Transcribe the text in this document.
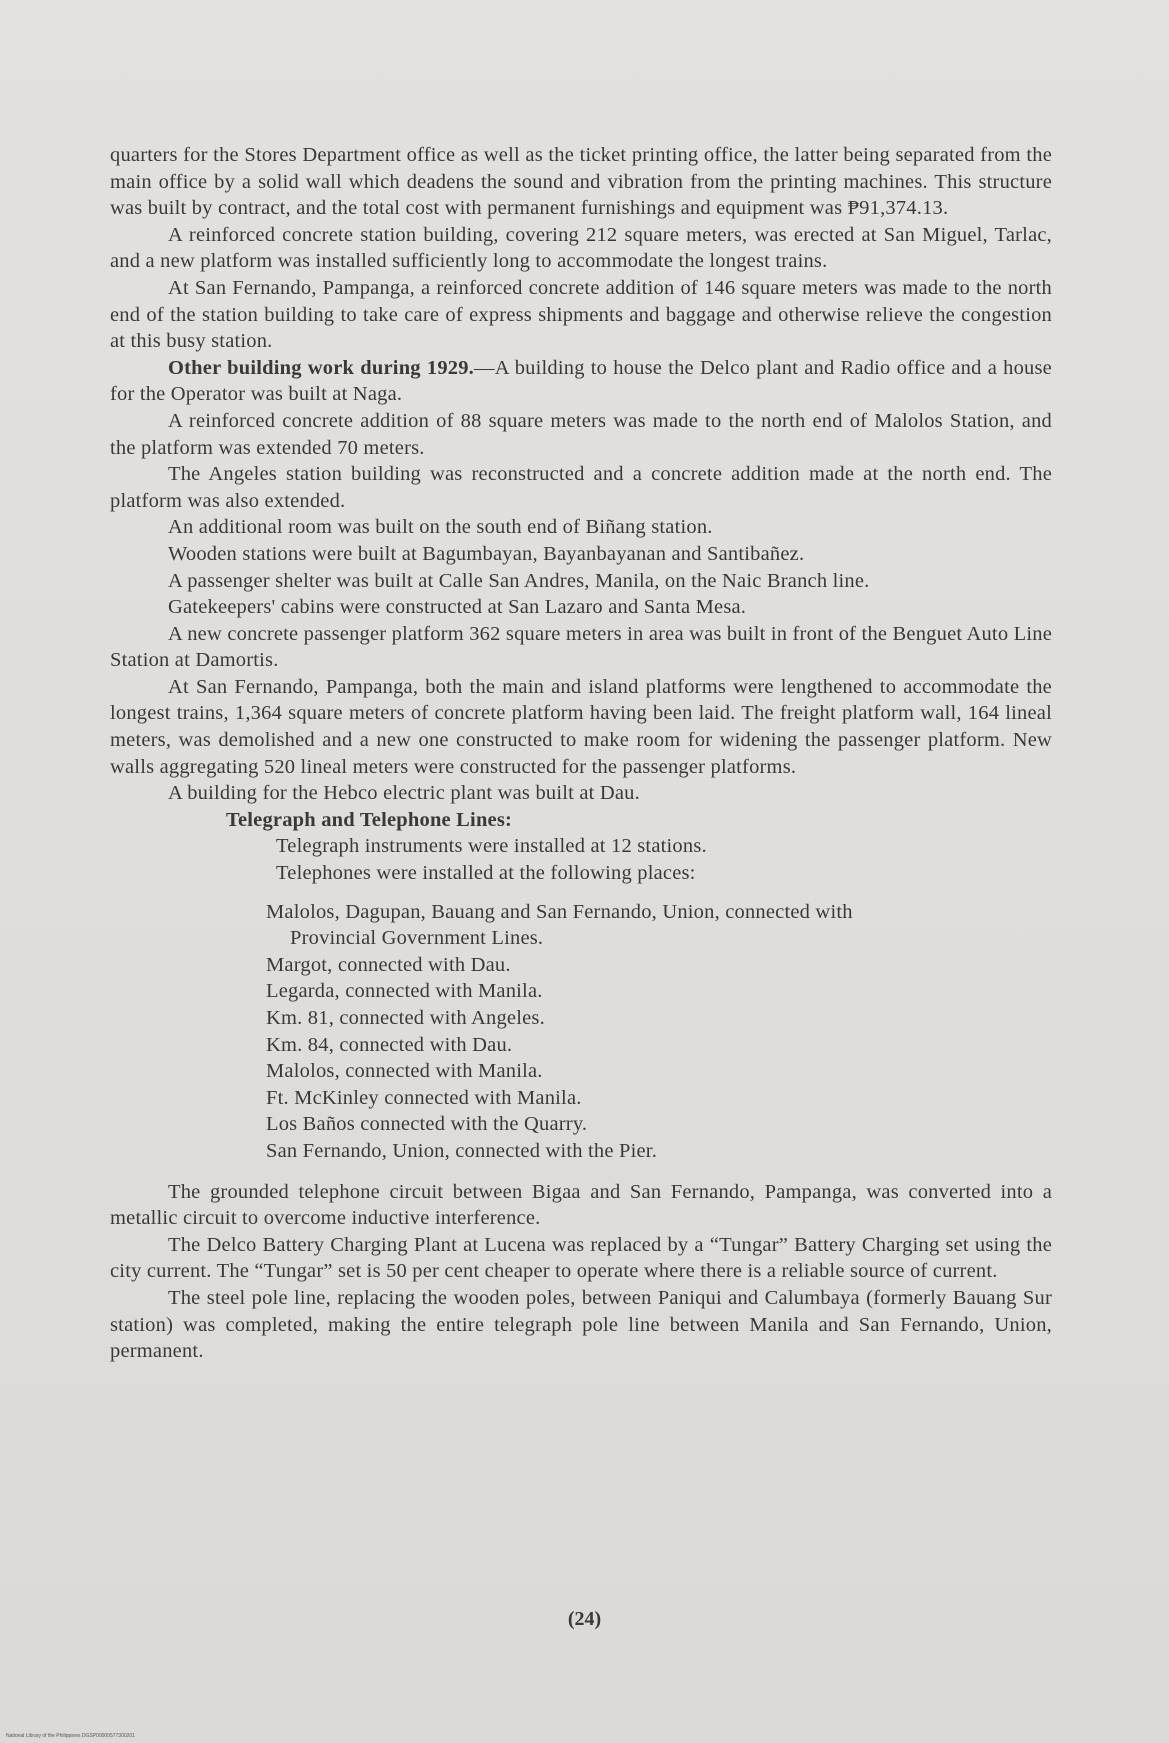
quarters for the Stores Department office as well as the ticket printing office, the latter being separated from the main office by a solid wall which deadens the sound and vibration from the printing machines. This structure was built by contract, and the total cost with permanent furnishings and equipment was ₱91,374.13.

A reinforced concrete station building, covering 212 square meters, was erected at San Miguel, Tarlac, and a new platform was installed sufficiently long to accommodate the longest trains.

At San Fernando, Pampanga, a reinforced concrete addition of 146 square meters was made to the north end of the station building to take care of express shipments and baggage and otherwise relieve the congestion at this busy station.

Other building work during 1929.—A building to house the Delco plant and Radio office and a house for the Operator was built at Naga.

A reinforced concrete addition of 88 square meters was made to the north end of Malolos Station, and the platform was extended 70 meters.

The Angeles station building was reconstructed and a concrete addition made at the north end. The platform was also extended.

An additional room was built on the south end of Biñang station.

Wooden stations were built at Bagumbayan, Bayanbayanan and Santibañez.

A passenger shelter was built at Calle San Andres, Manila, on the Naic Branch line.

Gatekeepers' cabins were constructed at San Lazaro and Santa Mesa.

A new concrete passenger platform 362 square meters in area was built in front of the Benguet Auto Line Station at Damortis.

At San Fernando, Pampanga, both the main and island platforms were lengthened to accommodate the longest trains, 1,364 square meters of concrete platform having been laid. The freight platform wall, 164 lineal meters, was demolished and a new one constructed to make room for widening the passenger platform. New walls aggregating 520 lineal meters were constructed for the passenger platforms.

A building for the Hebco electric plant was built at Dau.

Telegraph and Telephone Lines:

Telegraph instruments were installed at 12 stations.

Telephones were installed at the following places:

Malolos, Dagupan, Bauang and San Fernando, Union, connected with
Provincial Government Lines.
Margot, connected with Dau.
Legarda, connected with Manila.
Km. 81, connected with Angeles.
Km. 84, connected with Dau.
Malolos, connected with Manila.
Ft. McKinley connected with Manila.
Los Baños connected with the Quarry.
San Fernando, Union, connected with the Pier.

The grounded telephone circuit between Bigaa and San Fernando, Pampanga, was converted into a metallic circuit to overcome inductive interference.

The Delco Battery Charging Plant at Lucena was replaced by a “Tungar” Battery Charging set using the city current. The “Tungar” set is 50 per cent cheaper to operate where there is a reliable source of current.

The steel pole line, replacing the wooden poles, between Paniqui and Calumbaya (formerly Bauang Sur station) was completed, making the entire telegraph pole line between Manila and San Fernando, Union, permanent.

(24)
National Library of the Philippines DGSP00000577300201
